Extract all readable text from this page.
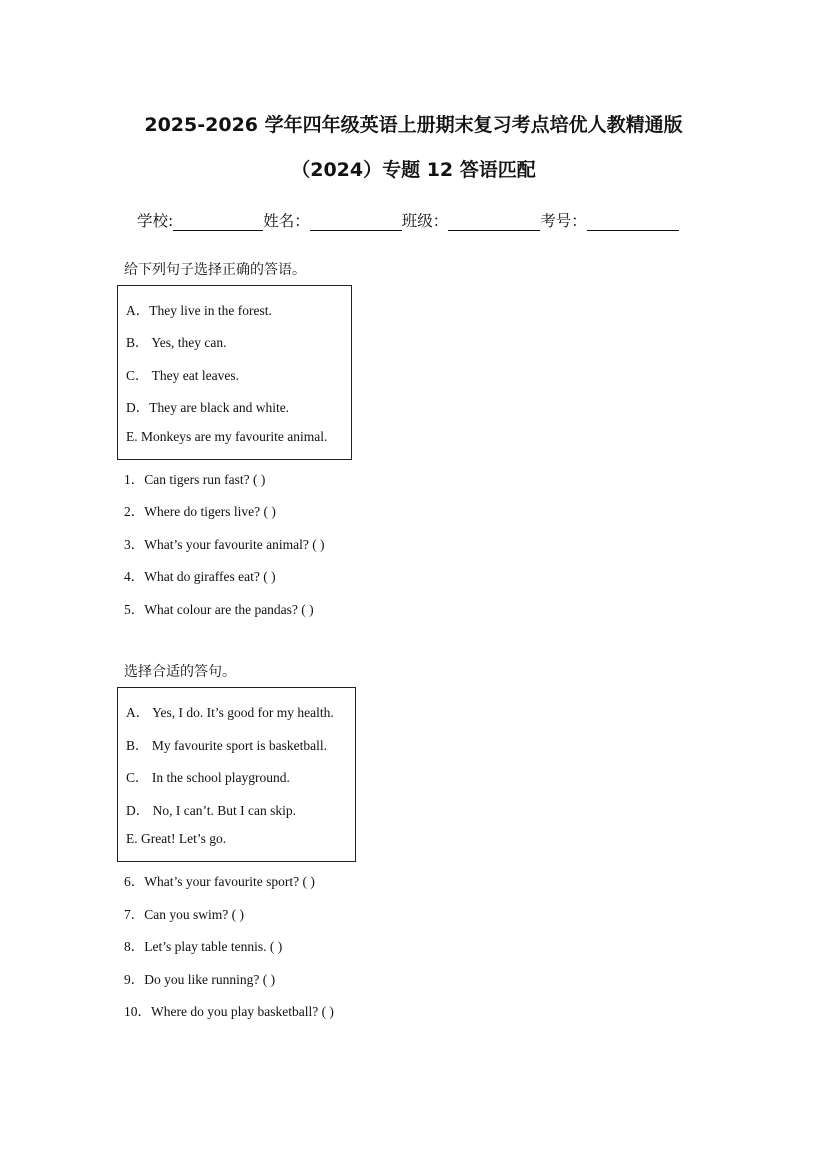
2025-2026 学年四年级英语上册期末复习考点培优人教精通版
（2024）专题 12 答语匹配
学校:	姓名：	班级：	考号：
给下列句子选择正确的答语。
A．They live in the forest.
B． Yes, they can.
C． They eat leaves.
D．They are black and white.
E. Monkeys are my favourite animal.
1．Can tigers run fast? ( )
2．Where do tigers live? ( )
3．What’s your favourite animal? ( )
4．What do giraffes eat? ( )
5．What colour are the pandas? ( )
选择合适的答句。
A． Yes, I do. It’s good for my health.
B． My favourite sport is basketball.
C． In the school playground.
D． No, I can’t. But I can skip.
E. Great! Let’s go.
6．What’s your favourite sport? ( )
7．Can you swim? ( )
8．Let’s play table tennis. ( )
9．Do you like running? ( )
10．Where do you play basketball? ( )
